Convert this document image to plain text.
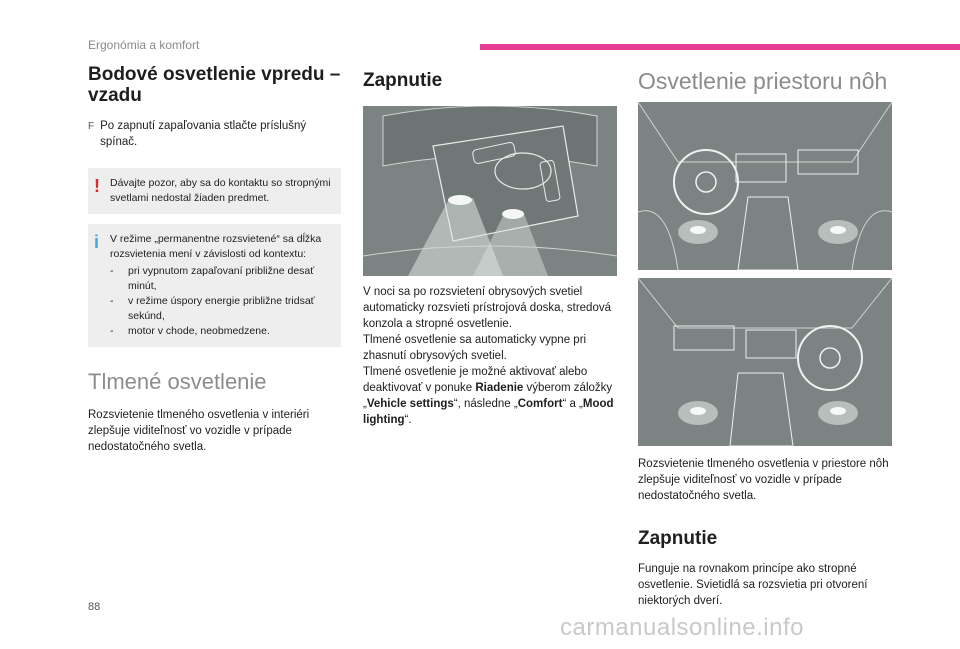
Ergonómia a komfort
Bodové osvetlenie vpredu – vzadu
F Po zapnutí zapaľovania stlačte príslušný spínač.
! Dávajte pozor, aby sa do kontaktu so stropnými svetlami nedostal žiaden predmet.
i V režime „permanentne rozsvietené“ sa dĺžka rozsvietenia mení v závislosti od kontextu:
-	pri vypnutom zapaľovaní približne desať minút,
-	v režime úspory energie približne tridsať sekúnd,
-	motor v chode, neobmedzene.
Tlmené osvetlenie

Rozsvietenie tlmeného osvetlenia v interiéri zlepšuje viditeľnosť vo vozidle v prípade nedostatočného svetla.

Zapnutie

V noci sa po rozsvietení obrysových svetiel automaticky rozsvieti prístrojová doska, stredová konzola a stropné osvetlenie.

Tlmené osvetlenie sa automaticky vypne pri zhasnutí obrysových svetiel.

Tlmené osvetlenie je možné aktivovať alebo deaktivovať v ponuke Riadenie výberom záložky „Vehicle settings“, následne „Comfort“ a „Mood lighting“.

Osvetlenie priestoru nôh

Rozsvietenie tlmeného osvetlenia v priestore nôh zlepšuje viditeľnosť vo vozidle v prípade nedostatočného svetla.

Zapnutie

Funguje na rovnakom princípe ako stropné osvetlenie. Svietidlá sa rozsvietia pri otvorení niektorých dverí.

88
carmanualsonline.info
